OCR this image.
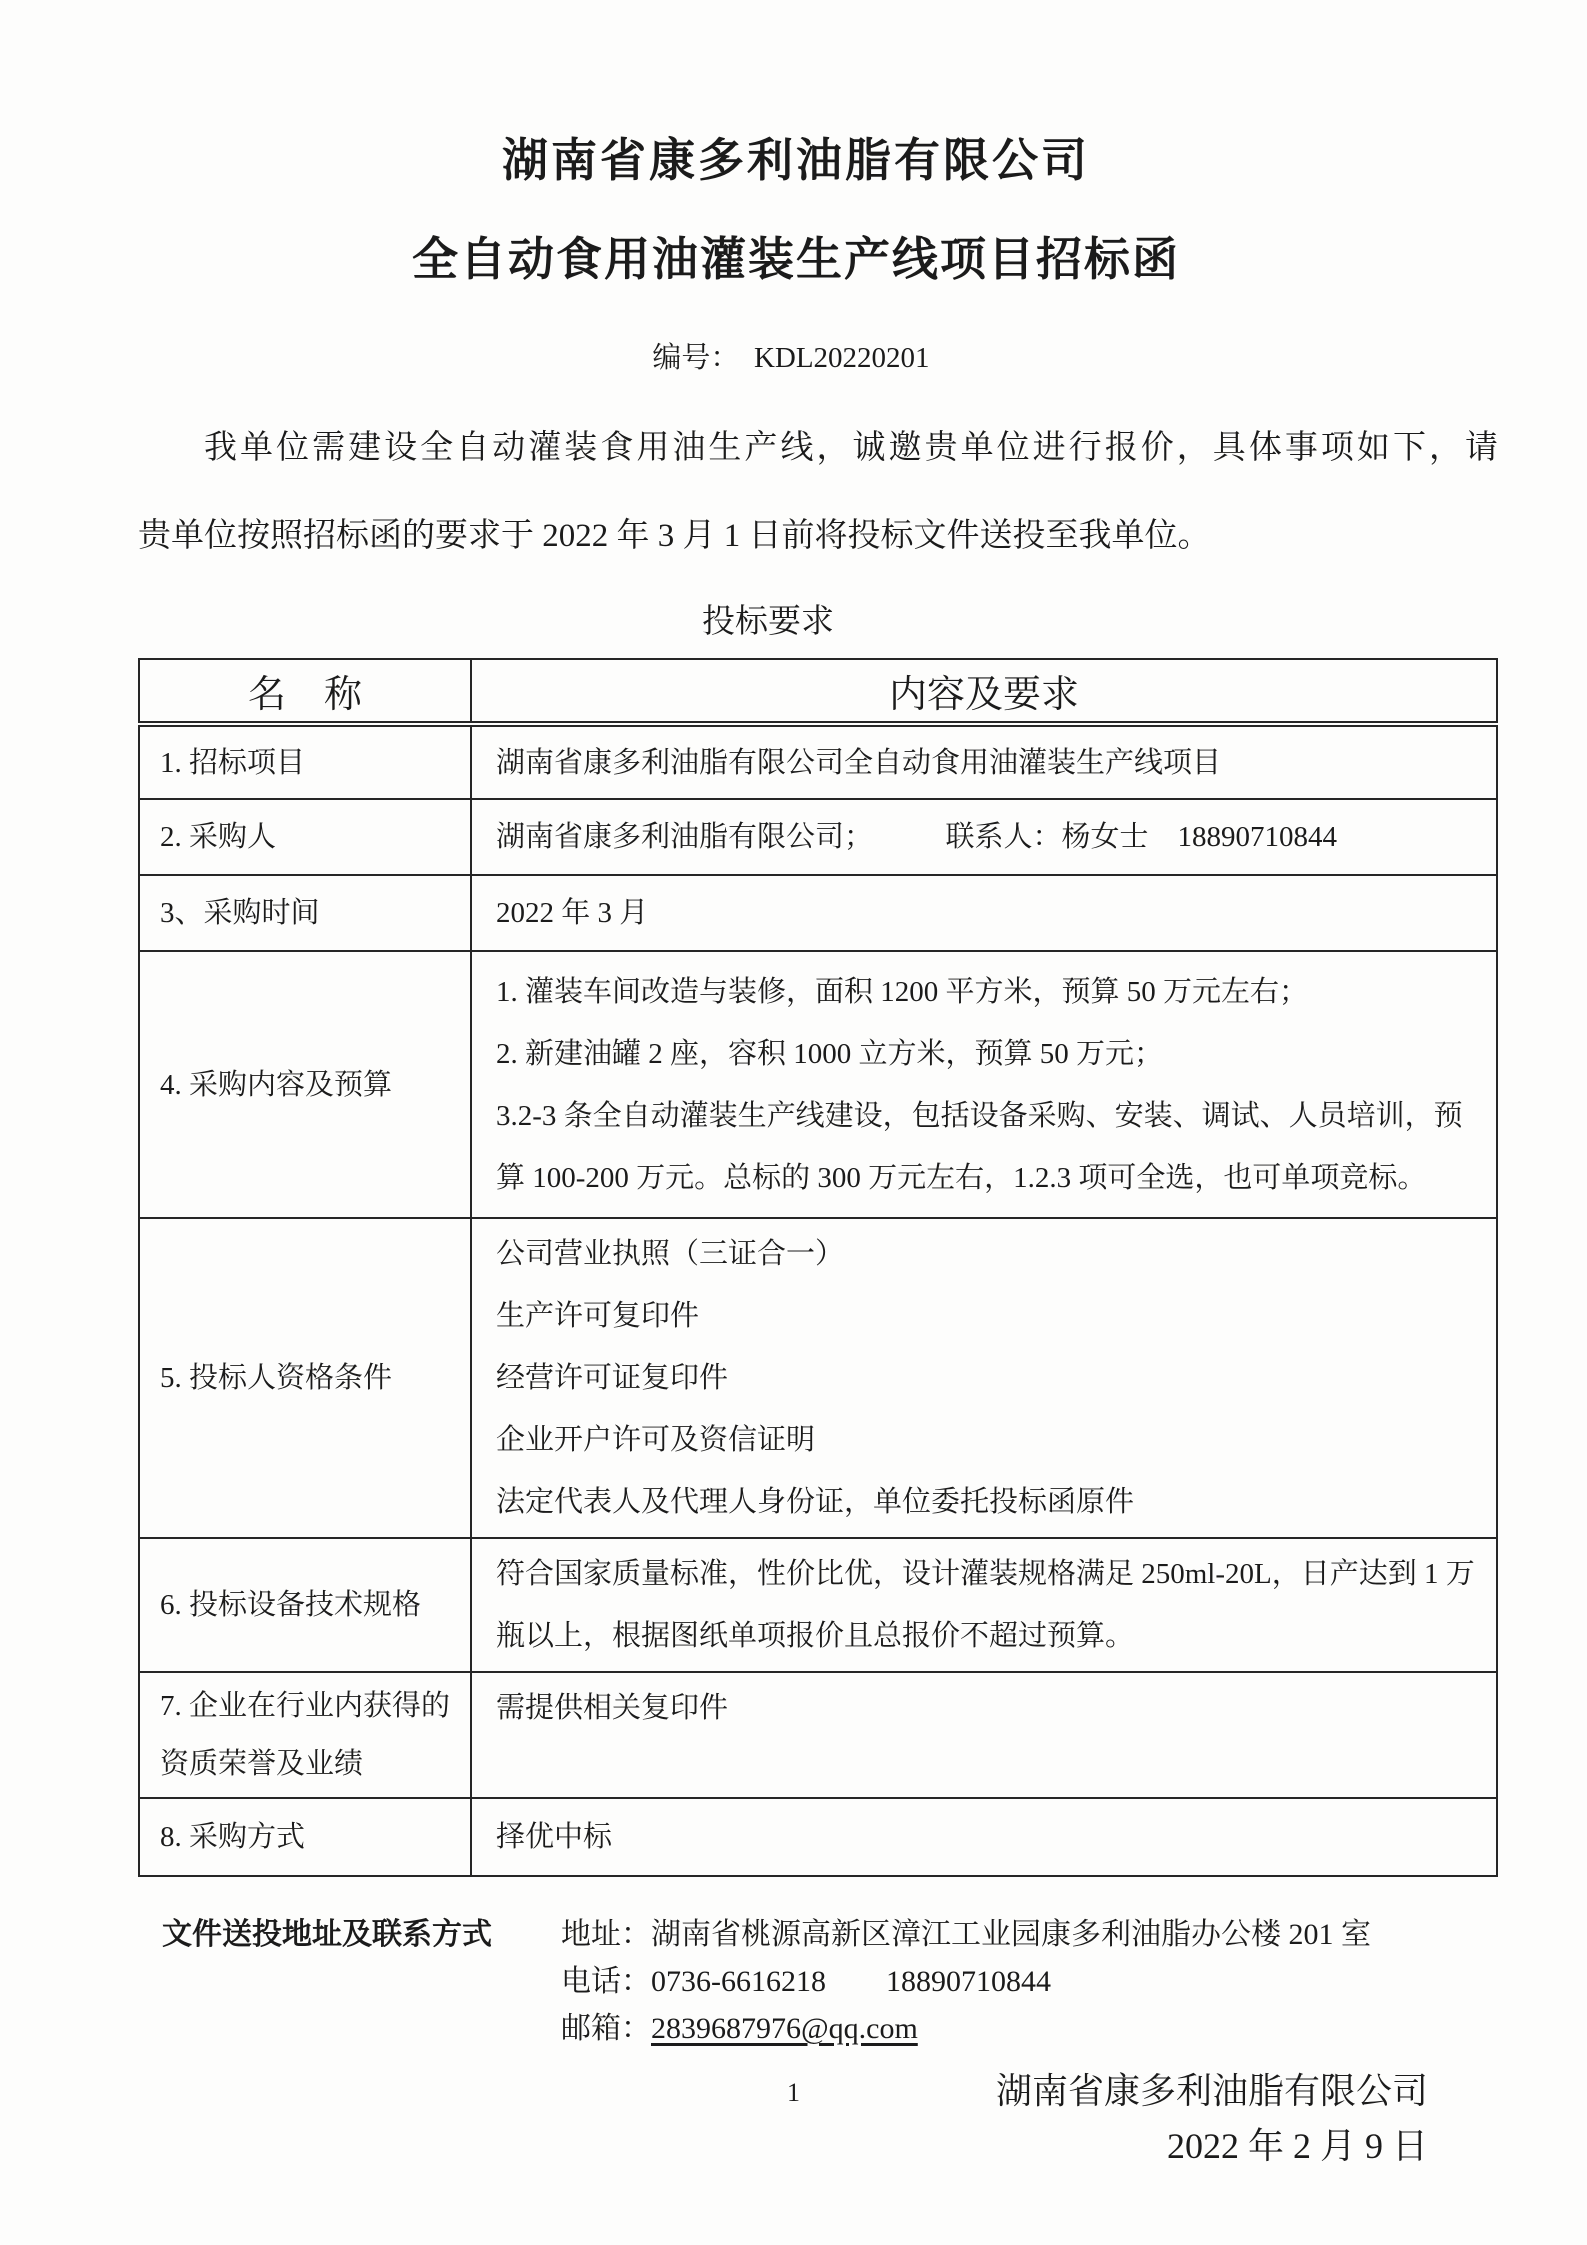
湖南省康多利油脂有限公司
全自动食用油灌装生产线项目招标函
编号：　 KDL20220201
我单位需建设全自动灌装食用油生产线，诚邀贵单位进行报价，具体事项如下，请
贵单位按照招标函的要求于 2022 年 3 月 1 日前将投标文件送投至我单位。
投标要求
名　称	内容及要求
1. 招标项目	湖南省康多利油脂有限公司全自动食用油灌装生产线项目

2. 采购人	湖南省康多利油脂有限公司；　　　联系人：杨女士　18890710844

3、采购时间	2022 年 3 月

4. 采购内容及预算	1. 灌装车间改造与装修，面积 1200 平方米，预算 50 万元左右；

2. 新建油罐 2 座，容积 1000 立方米，预算 50 万元；

3.2-3 条全自动灌装生产线建设，包括设备采购、安装、调试、人员培训，预算 100-200 万元。总标的 300 万元左右，1.2.3 项可全选，也可单项竞标。

5. 投标人资格条件	公司营业执照（三证合一）

生产许可复印件

经营许可证复印件

企业开户许可及资信证明

法定代表人及代理人身份证，单位委托投标函原件

6. 投标设备技术规格	符合国家质量标准，性价比优，设计灌装规格满足 250ml-20L，日产达到 1 万瓶以上，根据图纸单项报价且总报价不超过预算。

7. 企业在行业内获得的资质荣誉及业绩	需提供相关复印件

8. 采购方式	择优中标

文件送投地址及联系方式	地址：湖南省桃源高新区漳江工业园康多利油脂办公楼 201 室
电话：0736-6616218　　18890710844
邮箱：2839687976@qq.com
湖南省康多利油脂有限公司
2022 年 2 月 9 日
1
